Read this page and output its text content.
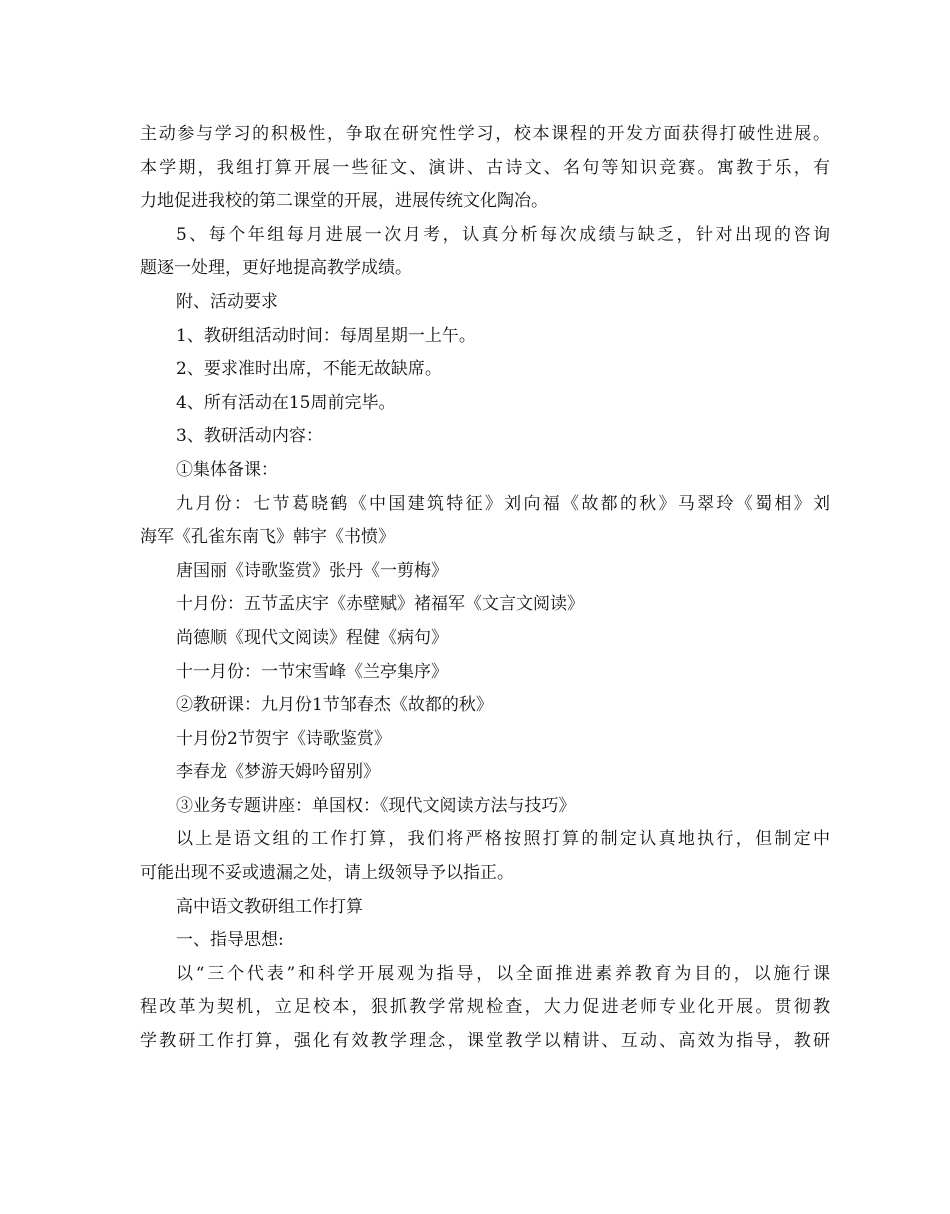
主动参与学习的积极性，争取在研究性学习，校本课程的开发方面获得打破性进展。
本学期，我组打算开展一些征文、演讲、古诗文、名句等知识竞赛。寓教于乐，有
力地促进我校的第二课堂的开展，进展传统文化陶冶。
5、每个年组每月进展一次月考，认真分析每次成绩与缺乏，针对出现的咨询
题逐一处理，更好地提高教学成绩。
附、活动要求
1、教研组活动时间：每周星期一上午。
2、要求准时出席，不能无故缺席。
4、所有活动在15周前完毕。
3、教研活动内容：
①集体备课：
九月份：七节葛晓鹤《中国建筑特征》刘向福《故都的秋》马翠玲《蜀相》刘
海军《孔雀东南飞》韩宇《书愤》
唐国丽《诗歌鉴赏》张丹《一剪梅》
十月份：五节孟庆宇《赤壁赋》褚福军《文言文阅读》
尚德顺《现代文阅读》程健《病句》
十一月份：一节宋雪峰《兰亭集序》
②教研课：九月份1节邹春杰《故都的秋》
十月份2节贺宇《诗歌鉴赏》
李春龙《梦游天姆吟留别》
③业务专题讲座：单国权：《现代文阅读方法与技巧》
以上是语文组的工作打算，我们将严格按照打算的制定认真地执行，但制定中
可能出现不妥或遗漏之处，请上级领导予以指正。
高中语文教研组工作打算
一、指导思想:
以“三个代表”和科学开展观为指导，以全面推进素养教育为目的，以施行课
程改革为契机，立足校本，狠抓教学常规检查，大力促进老师专业化开展。贯彻教
学教研工作打算，强化有效教学理念，课堂教学以精讲、互动、高效为指导，教研
